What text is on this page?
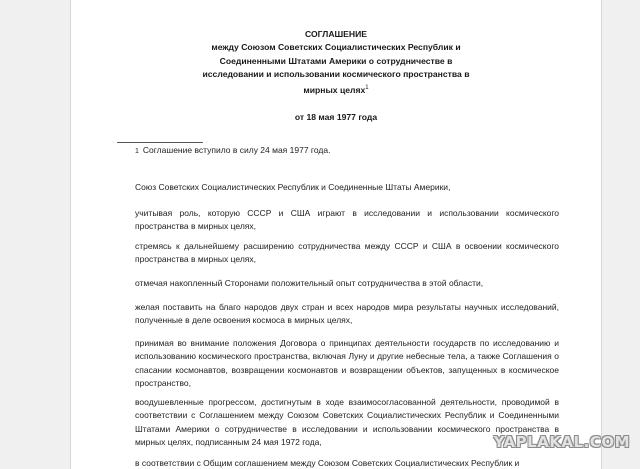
СОГЛАШЕНИЕ
между Союзом Советских Социалистических Республик и
Соединенными Штатами Америки о сотрудничестве в
исследовании и использовании космического пространства в
мирных целях$^1$
от 18 мая 1977 года
1 Соглашение вступило в силу 24 мая 1977 года.
Союз Советских Социалистических Республик и Соединенные Штаты Америки,
учитывая роль, которую СССР и США играют в исследовании и использовании космического пространства в мирных целях,
стремясь к дальнейшему расширению сотрудничества между СССР и США в освоении космического пространства в мирных целях,
отмечая накопленный Сторонами положительный опыт сотрудничества в этой области,
желая поставить на благо народов двух стран и всех народов мира результаты научных исследований, полученные в деле освоения космоса в мирных целях,
принимая во внимание положения Договора о принципах деятельности государств по исследованию и использованию космического пространства, включая Луну и другие небесные тела, а также Соглашения о спасании космонавтов, возвращении космонавтов и возвращении объектов, запущенных в космическое пространство,
воодушевленные прогрессом, достигнутым в ходе взаимосогласованной деятельности, проводимой в соответствии с Соглашением между Союзом Советских Социалистических Республик и Соединенными Штатами Америки о сотрудничестве в исследовании и использовании космического пространства в мирных целях, подписанным 24 мая 1972 года,
в соответствии с Общим соглашением между Союзом Советских Социалистических Республик и
YAPLAKAL.COM
